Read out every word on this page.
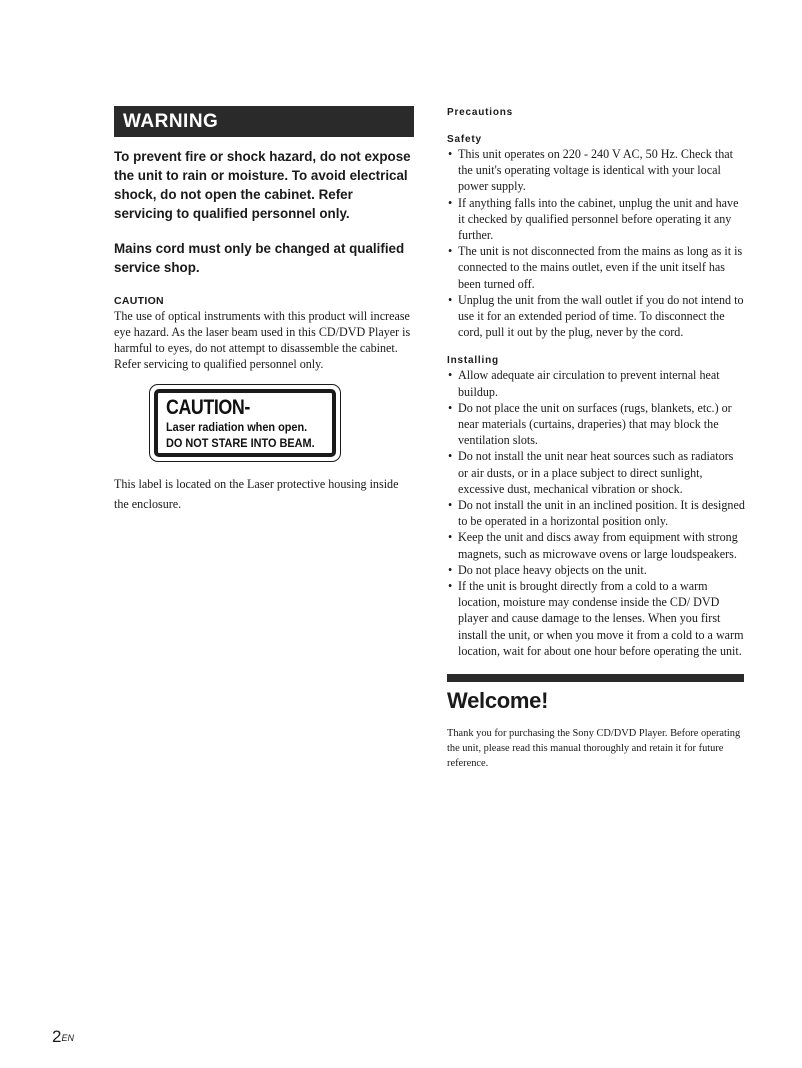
WARNING

To prevent fire or shock hazard, do not expose the unit to rain or moisture. To avoid electrical shock, do not open the cabinet. Refer servicing to qualified personnel only.

Mains cord must only be changed at qualified service shop.

CAUTION

The use of optical instruments with this product will increase eye hazard. As the laser beam used in this CD/DVD Player is harmful to eyes, do not attempt to disassemble the cabinet.

Refer servicing to qualified personnel only.

CAUTION-
Laser radiation when open.
DO NOT STARE INTO BEAM.
This label is located on the Laser protective housing inside the enclosure.
Precautions
Safety
• This unit operates on 220 - 240 V AC, 50 Hz. Check that the unit's operating voltage is identical with your local power supply.
• If anything falls into the cabinet, unplug the unit and have it checked by qualified personnel before operating it any further.
• The unit is not disconnected from the mains as long as it is connected to the mains outlet, even if the unit itself has been turned off.
• Unplug the unit from the wall outlet if you do not intend to use it for an extended period of time. To disconnect the cord, pull it out by the plug, never by the cord.
Installing
• Allow adequate air circulation to prevent internal heat buildup.
• Do not place the unit on surfaces (rugs, blankets, etc.) or near materials (curtains, draperies) that may block the ventilation slots.
• Do not install the unit near heat sources such as radiators or air dusts, or in a place subject to direct sunlight, excessive dust, mechanical vibration or shock.
• Do not install the unit in an inclined position. It is designed to be operated in a horizontal position only.
• Keep the unit and discs away from equipment with strong magnets, such as microwave ovens or large loudspeakers.
• Do not place heavy objects on the unit.
• If the unit is brought directly from a cold to a warm location, moisture may condense inside the CD/ DVD player and cause damage to the lenses. When you first install the unit, or when you move it from a cold to a warm location, wait for about one hour before operating the unit.
Welcome!
Thank you for purchasing the Sony CD/DVD Player. Before operating the unit, please read this manual thoroughly and retain it for future reference.
$2^{EN}$
